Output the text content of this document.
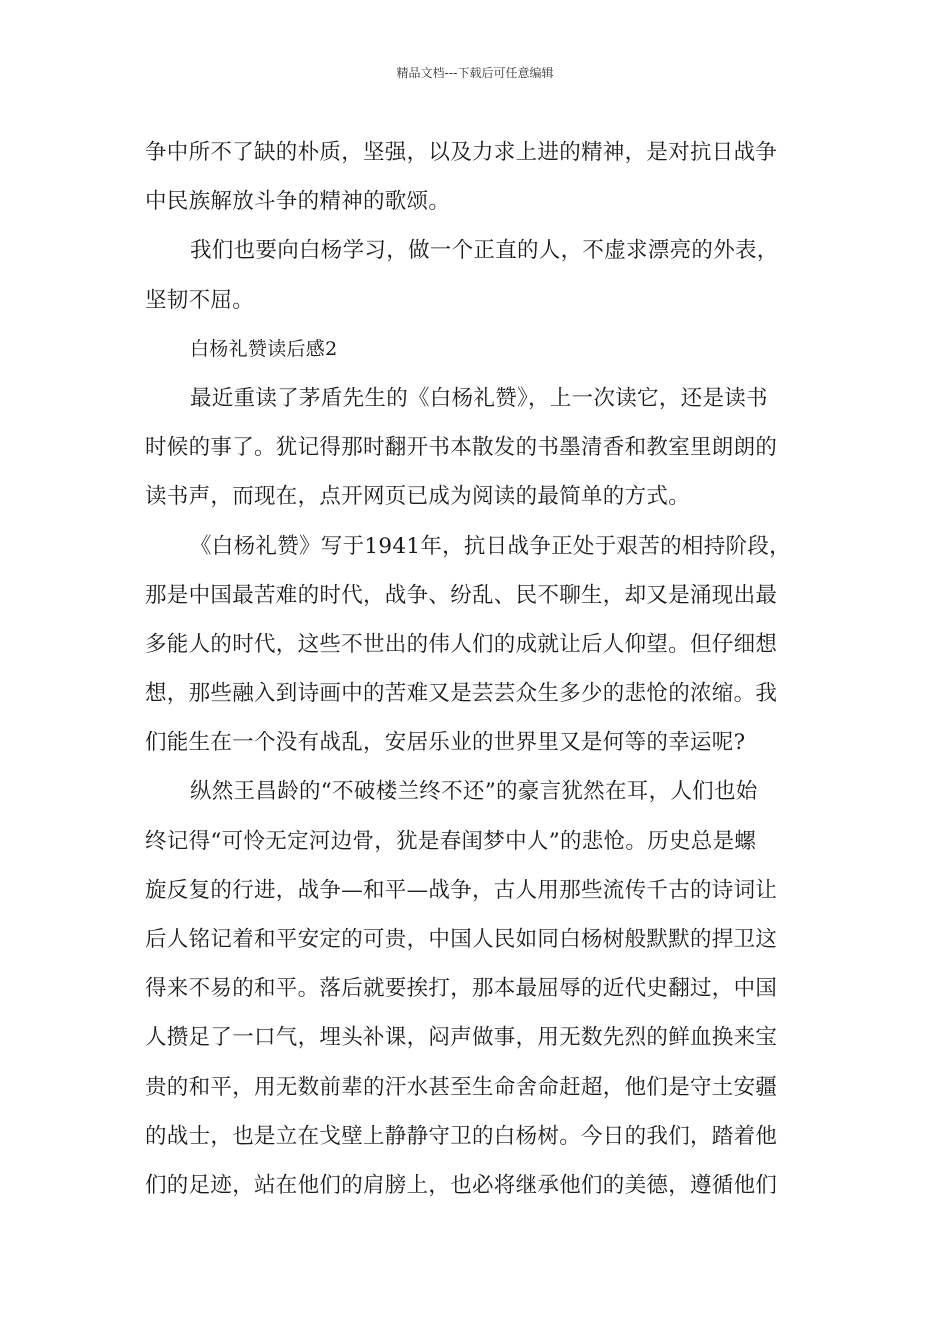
精品文档---下载后可任意编辑
争中所不了缺的朴质，坚强，以及力求上进的精神，是对抗日战争
中民族解放斗争的精神的歌颂。
我们也要向白杨学习，做一个正直的人，不虚求漂亮的外表，
坚韧不屈。
白杨礼赞读后感2
最近重读了茅盾先生的《白杨礼赞》，上一次读它，还是读书
时候的事了。犹记得那时翻开书本散发的书墨清香和教室里朗朗的
读书声，而现在，点开网页已成为阅读的最简单的方式。
《白杨礼赞》写于1941年，抗日战争正处于艰苦的相持阶段，
那是中国最苦难的时代，战争、纷乱、民不聊生，却又是涌现出最
多能人的时代，这些不世出的伟人们的成就让后人仰望。但仔细想
想，那些融入到诗画中的苦难又是芸芸众生多少的悲怆的浓缩。我
们能生在一个没有战乱，安居乐业的世界里又是何等的幸运呢?
纵然王昌龄的“不破楼兰终不还”的豪言犹然在耳，人们也始
终记得“可怜无定河边骨，犹是春闺梦中人”的悲怆。历史总是螺
旋反复的行进，战争—和平—战争，古人用那些流传千古的诗词让
后人铭记着和平安定的可贵，中国人民如同白杨树般默默的捍卫这
得来不易的和平。落后就要挨打，那本最屈辱的近代史翻过，中国
人攒足了一口气，埋头补课，闷声做事，用无数先烈的鲜血换来宝
贵的和平，用无数前辈的汗水甚至生命舍命赶超，他们是守土安疆
的战士，也是立在戈壁上静静守卫的白杨树。今日的我们，踏着他
们的足迹，站在他们的肩膀上，也必将继承他们的美德，遵循他们
